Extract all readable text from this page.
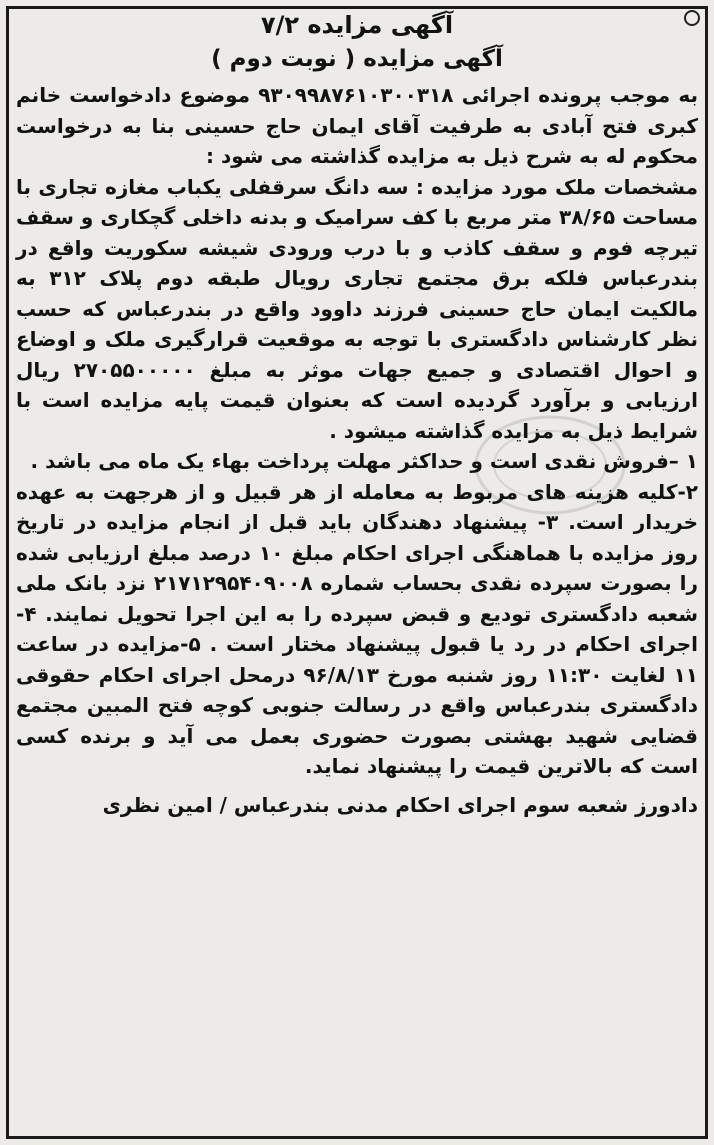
آگهی مزایده ۷/۲
آگهی مزایده ( نوبت دوم )

به موجب پرونده اجرائی ۹۳۰۹۹۸۷۶۱۰۳۰۰۳۱۸ موضوع دادخواست خانم کبری فتح آبادی به طرفیت آقای ایمان حاج حسینی بنا به درخواست محکوم له به شرح ذیل به مزایده گذاشته می شود :

مشخصات ملک مورد مزایده : سه دانگ سرقفلی یکباب مغازه تجاری با مساحت ۳۸/۶۵ متر مربع با کف سرامیک و بدنه داخلی گچکاری و سقف تیرچه فوم و سقف کاذب و با درب ورودی شیشه سکوریت واقع در بندرعباس فلکه برق مجتمع تجاری رویال طبقه دوم پلاک ۳۱۲ به مالکیت ایمان حاج حسینی فرزند داوود واقع در بندرعباس که حسب نظر کارشناس دادگستری با توجه به موقعیت قرارگیری ملک و اوضاع و احوال اقتصادی و جمیع جهات موثر به مبلغ ۲۷۰۵۵۰۰۰۰۰ ریال ارزیابی و برآورد گردیده است که بعنوان قیمت پایه مزایده است با شرایط ذیل به مزایده گذاشته میشود .

۱ –فروش نقدی است و حداکثر مهلت پرداخت بهاء یک ماه می باشد .

۲-کلیه هزینه های مربوط به معامله از هر قبیل و از هرجهت به عهده خریدار است. ۳- پیشنهاد دهندگان باید قبل از انجام مزایده در تاریخ روز مزایده با هماهنگی اجرای احکام مبلغ ۱۰ درصد مبلغ ارزیابی شده را بصورت سپرده نقدی بحساب شماره ۲۱۷۱۲۹۵۴۰۹۰۰۸ نزد بانک ملی شعبه دادگستری تودیع و قبض سپرده را به این اجرا تحویل نمایند. ۴- اجرای احکام در رد یا قبول پیشنهاد مختار است . ۵-مزایده در ساعت ۱۱ لغایت ۱۱:۳۰ روز شنبه مورخ ۹۶/۸/۱۳ درمحل اجرای احکام حقوقی دادگستری بندرعباس واقع در رسالت جنوبی کوچه فتح المبین مجتمع قضایی شهید بهشتی بصورت حضوری بعمل می آید و برنده کسی است که بالاترین قیمت را پیشنهاد نماید.

دادورز شعبه سوم اجرای احکام مدنی بندرعباس / امین نظری
